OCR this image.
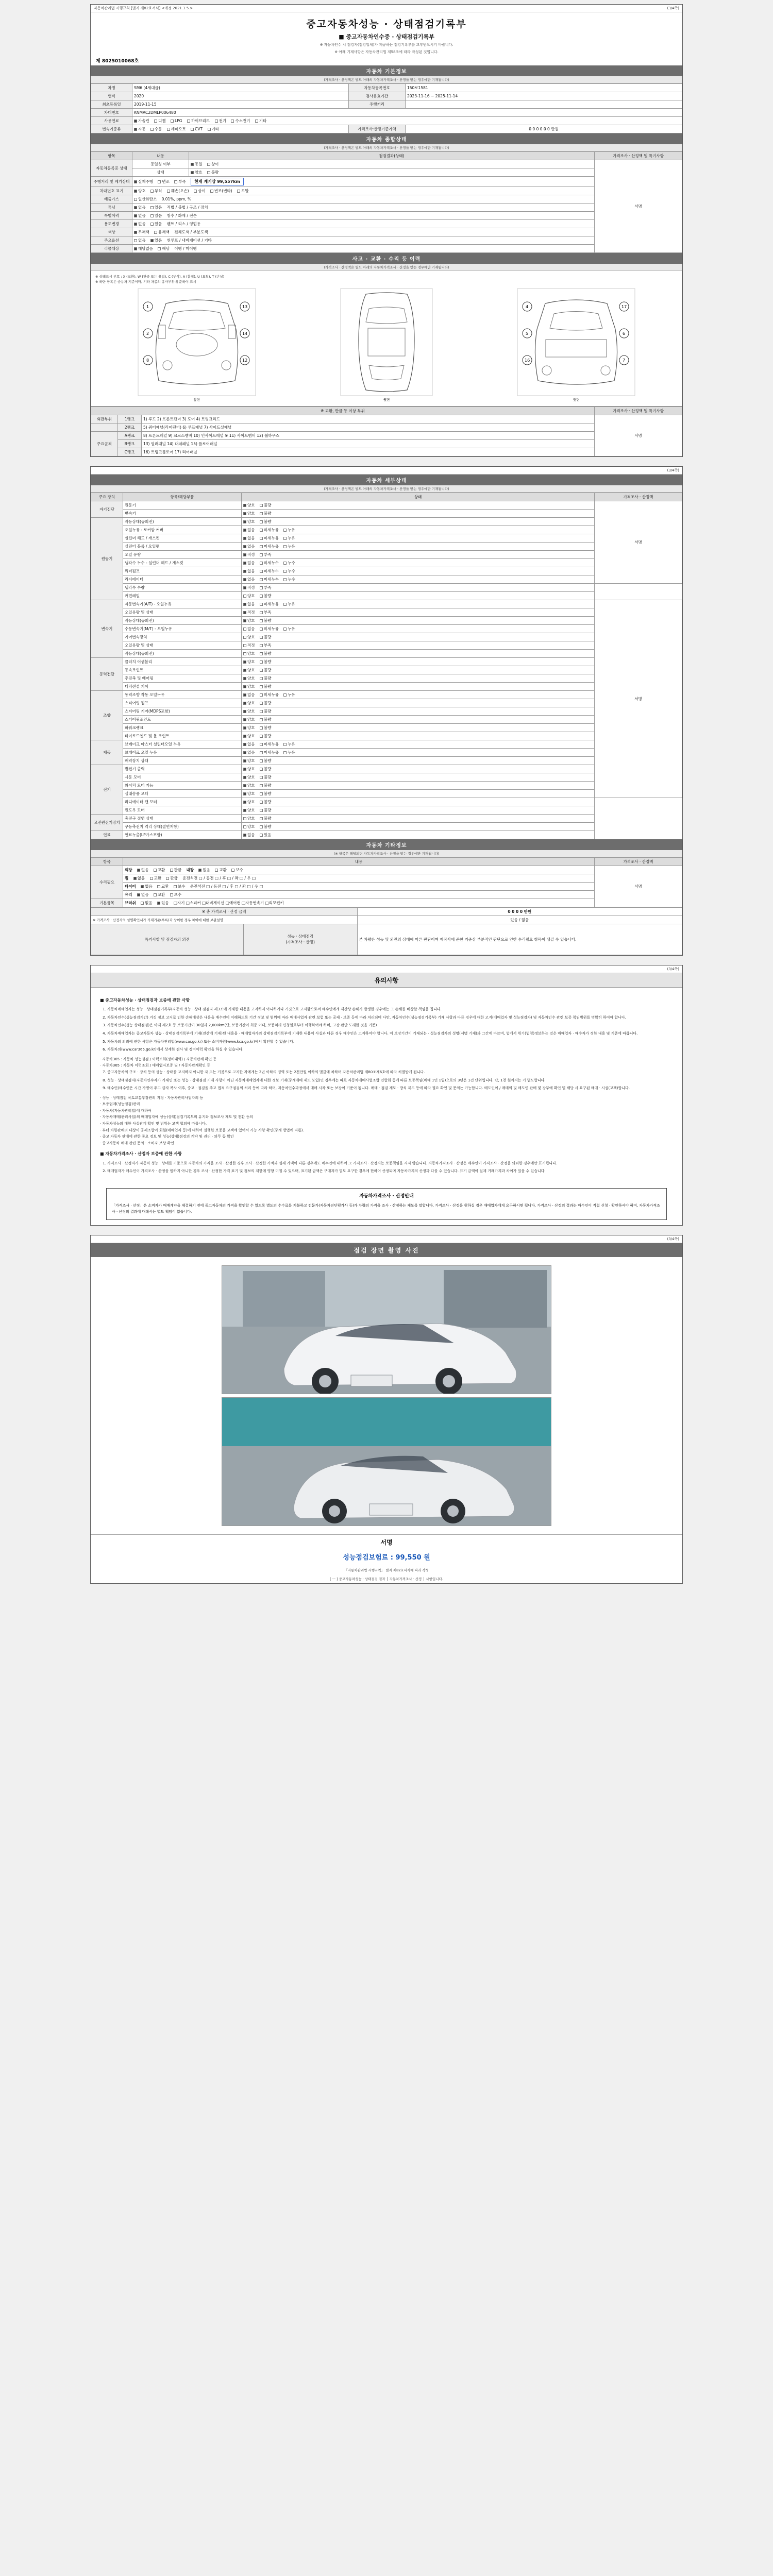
자동차관리법 시행규칙 [별지 제82호서식] <개정 2021.1.5.>	(3/4쪽)
중고자동차성능 · 상태점검기록부
■ 중고자동차인수증 · 상태점검기록부
※ 자동차인수 시 점검자(점검업체)가 제공하는 점검기록부를 교부받으시기 바랍니다.
※ 아래 기재사항은 자동차관리법 제58조에 따라 작성된 것입니다.
제 8025010068호
자동차 기본정보
(가격조사 · 산정액은 별도 아래의 자동차가격조사 · 산정을 받는 경우에만 기재됩니다)
차명	SM6 (4세대급)	자동차등록번호	150로1581
연식	2020	검사유효기간	2023-11-16 ~ 2025-11-14
최초등록일	2019-11-15	주행거리	
차대번호	KNMAC2DMLP006480		
사용연료	가솔린 디젤 LPG 하이브리드 전기 수소전기 기타		
변속기종류	자동 수동 세미오토 CVT 기타	가격조사·산정기준가액	0 0 0 0 0 0 만원
자동차 종합상태
(가격조사 · 산정액은 별도 아래의 자동차가격조사 · 산정을 받는 경우에만 기재됩니다)
항목	내용	점검결과(상태)	가격조사 · 산정액 및 특기사항
자동차등록증 상태	동일성 여부	동일 상이	서명
	상태	양호 불량	
주행거리 및 계기상태	실제주행 변조 부족 현재 계기상 99,557km		
차대번호 표기	양호 부식 훼손(오손) 상이 변조(변타) 도말		
배출가스	일산화탄소 0.01%, ppm, %		
튜닝	없음 있음 적법 / 불법 / 구조 / 장치		
특별이력	없음 있음 침수 / 화재 / 전손		
용도변경	없음 있음 렌트 / 리스 / 영업용		
색상	무채색 유채색 전체도색 / 부분도색		
주요옵션	없음 있음 썬루프 / 내비게이션 / 기타		
리콜대상	해당없음 해당 이행 / 미이행		
사고 · 교환 · 수리 등 이력
(가격조사 · 산정액은 별도 아래의 자동차가격조사 · 산정을 받는 경우에만 기재됩니다)
※ 상태표시 부호 : X (교환), W (판금 또는 용접), C (부식), A (흠집), U (요철), T (손상)
※ 하단 항목은 승용차 기준이며, 기타 차종의 유사부위에 준하여 표시
1
2
8
13
14
12
앞면	윗면
4
5
16
17
6
7
뒷면
※ 교환, 판금 등 이상 부위			가격조사 · 산정액 및 특기사항
외판부위	1랭크	1) 후드 2) 프론트팬더 3) 도어 4) 트렁크리드	서명
	2랭크	5) 쿼터패널(리어팬더) 6) 루프패널 7) 사이드실패널	
주요골격	A랭크	8) 프론트패널 9) 크로스멤버 10) 인사이드패널 ※ 11) 사이드멤버 12) 휠하우스	
	B랭크	13) 필러패널 14) 대쉬패널 15) 플로어패널	
	C랭크	16) 트렁크플로어 17) 리어패널	
(3/4쪽)
자동차 세부상태
(가격조사 · 산정액은 별도 아래의 자동차가격조사 · 산정을 받는 경우에만 기재됩니다)
주요 장치	항목/해당부품	상태	가격조사 · 산정액
자기진단	원동기	양호 불량	서명
	변속기	양호 불량	
원동기	작동상태(공회전)	양호 불량	
	오일누유 - 로커암 커버	없음 미세누유 누유	
	실린더 헤드 / 개스킷	없음 미세누유 누유	
	실린더 블록 / 오일팬	없음 미세누유 누유	
	오일 유량	적정 부족	
	냉각수 누수 - 실린더 헤드 / 개스킷	없음 미세누수 누수	
	워터펌프	없음 미세누수 누수	
	라디에이터	없음 미세누수 누수	
	냉각수 수량	적정 부족	
	커먼레일	양호 불량	
변속기	자동변속기(A/T) - 오일누유	없음 미세누유 누유	서명
	오일유량 및 상태	적정 부족	
	작동상태(공회전)	양호 불량	
	수동변속기(M/T) - 오일누유	없음 미세누유 누유	
	기어변속장치	양호 불량	
	오일유량 및 상태	적정 부족	
	작동상태(공회전)	양호 불량	
동력전달	클러치 어셈블리	양호 불량	
	등속조인트	양호 불량	
	추진축 및 베어링	양호 불량	
	디퍼렌셜 기어	양호 불량	
조향	동력조향 작동 오일누유	없음 미세누유 누유	
	스티어링 펌프	양호 불량	
	스티어링 기어(MDPS포함)	양호 불량	
	스티어링조인트	양호 불량	
	파워크랭크	양호 불량	
	타이로드엔드 및 볼 조인트	양호 불량	
제동	브레이크 마스터 실린더오일 누유	없음 미세누유 누유	
	브레이크 오일 누유	없음 미세누유 누유	
	배력장치 상태	양호 불량	
전기	발전기 출력	양호 불량	
	시동 모터	양호 불량	
	와이퍼 모터 기능	양호 불량	
	실내송풍 모터	양호 불량	
	라디에이터 팬 모터	양호 불량	
	윈도우 모터	양호 불량	
고전원전기장치	충전구 절연 상태	양호 불량	
	구동축전지 격리 상태(절연저항)	양호 불량	
연료	연료누출(LP가스포함)	없음 있음	
자동차 기타정보
(※ 항목은 해당되면 자동차가격조사 · 산정을 받는 경우에만 기재됩니다)
항목	내용	가격조사 · 산정액
수리필요	외장 없음 교환 판금 내장 없음 교환 보수	서명
	휠 없음 교환 판금 운전석전 □ / 동전 □ / 후 □ / 좌 □ / 우 □	
	타이어 없음 교환 보수 운전석전 □ / 동전 □ / 후 □ / 좌 □ / 우 □	
	유리 없음 교환 보수	
기본품목	브러쉬 없음 있음 □자기 □스피커 □내비게이션 □에어컨 □자동변속기 □리모컨키	
※ 총 가격조사 · 산정 금액		0 0 0 0 만원
※ 가격조사 · 산정자의 설명확인서가 기재기준(부록)과 상이한 경우 차이에 대한 보완설명		있음 / 없음
특기사항 및 점검자의 의견	성능 · 상태점검
(가격조사 · 산정)	본 차량은 성능 및 외관의 상태에 따른 판단이며 제작사에 준한 기준상 부분적인 판단으로 인한 수리필요 항목이 생길 수 있습니다.
(3/4쪽)
유의사항
■ 중고자동차성능 · 상태점검자 보증에 관한 사항
1. 자동차매매업자는 성능 · 상태점검기록부(자동차 성능 · 상태 점검자 제3조에 기재한 내용을 고지하지 아니하거나 거짓으로 고지함으로써 매수인에게 재산상 손해가 발생한 경우에는 그 손해를 배상할 책임을 집니다.
2. 자동차인수(성능점검기간) 거짓 정보 고지로 인한 손해배상은 내용을 매수인이 이해하도록 기간 정보 및 범위에 따라 매매사업자 관련 보험 또는 공제 · 보증 등에 따라 처리되며 다만, 자동차인수(성능점검기록부) 기재 사항과 다른 경우에 대한 고지(매매업자 및 성능점검자) 및 자동차인수 관련 보증 책임범위를 명확히 하여야 합니다.
3. 자동차인수(성능 상태점검)은 아래 제2호 등 보증기간이 30일과 2,000km(단, 보증기간이 최종 이내, 보증처리 신청일로부터 이행하여야 하며, 고장 판단 도래한 것을 기준)
4. 자동차매매업자는 중고자동차 성능 · 상태점검기록부에 기재(전산에 기재)된 내용을 · 매매업자가의 상태점검기록부에 기재한 내용이 사실과 다른 경우 매수인은 고지하여야 합니다. 이 보장기간이 기재되는 · 성능점검자의 성명(서명 기재)과 그간에 따르며, 법에서 위기(법령)정보하는 것은 매매업자 · 매수자가 정한 내용 및 기준에 따릅니다.
5. 자동차의 의뢰에 관한 사항은 자동차관리법(www.car.go.kr) 또는 소비자원(www.kca.go.kr)에서 확인할 수 있습니다.
6. 자동차의(www.car365.go.kr)에서 상세한 검사 및 정비이력 확인을 하실 수 있습니다.
· 자동차365 : 자동차 성능점검 / 이력조회(정비내역) / 자동차관계 확인 등
· 자동차365 : 자동차 이력조회 / 매매업자보증 및 / 자동차관계확인 등
7. 중고자동차의 구조 · 장치 등의 성능 · 상태를 고지하지 아니한 자 또는 거짓으로 고지한 자에게는 2년 이하의 징역 또는 2천만원 이하의 벌금에 처하며 자동차관리법 제80조제6호에 따라 처벌받게 됩니다.
8. 성능 · 상태점검자(자동차인수자가 기재인 또는 성능 · 상태점검 기재 사항이 아닌 자동차매매업자에 대한 정보 기재(중개매매 제도 도입)인 경우에는 따로 자동차매매사업조합 연합회 등에 따른 보증책임(매매 1인 1일)으로의 3년은 1건 단위입니다. 단, 1천 원까지는 기 별도합니다.
9. 매수인(매수인은 시간 가명이 주고 글자 복사 이후, 중고 · 점검을 주고 법적 요구점검의 처리 등에 따라 하며, 자동차인수과정에서 매매 시작 또는 보장이 기준이 됩니다. 매매 · 점검 제도 · 방식 제도 등에 따라 필요 확인 및 문의는 가능합니다. 매도인이 / 매매의 및 매도인 판매 및 장부에 확인 및 해당 시 요구된 매매 · 시설(고객)합니다.
· 성능 · 상태점검 국토교통부장관의 지정 · 자동차관리사업자의 등
· 보증업계(성능점검)관리
· 자동차(자동차관리법)에 대하여
· 자동차매매(관리사업)의 매매업자에 성능(상태)점검기록부의 유지와 정보조사 제도 및 전환 등의
· 자동차성능의 대한 사실관계 확인 및 범위는 고객 합의에 따릅니다.
· 부터 차량판매의 대상이 공제조합이 회원(매매업자 등)에 대하여 실행한 보증을 고객에 있어서 가능 사항 확인(중개 방법에 따름).
· 중고 자동차 판매에 관한 중요 정보 및 성능(상태)점검의 계약 및 권리 · 의무 등 확인
· 중고자동차 매매 관련 문의 · 소비자 보상 확인
■ 자동차가격조사 · 산정자 보증에 관한 사항
1. 가격조사 · 산정자가 자동차 성능 · 상태를 기준으로 자동차의 가격을 조사 · 산정한 경우 조사 · 산정한 가액과 실제 가액이 다른 경우에도 매수인에 대하여 그 가격조사 · 산정자는 보증책임을 지지 않습니다. 자동차가격조사 · 산정은 매수인이 가격조사 · 산정을 의뢰한 경우에만 표기됩니다.
2. 매매업자가 매수인이 가격조사 · 산정을 원하지 아니한 경우 조사 · 산정한 가격 표기 및 정보의 제한에 영향 미칠 수 있으며, 표기된 금액은 구매자가 별도 요구한 경우에 한하여 산정되며 자동차가격의 산정과 다를 수 있습니다. 표기 금액이 실제 거래가격과 차이가 있을 수 있습니다.
자동차가격조사 · 산정안내
「가격조사 · 산정」은 소비자가 매매계약을 체결하기 전에 중고자동차의 가격을 확인할 수 있도록 별도의 수수료를 지불하고 전문가(자동차진단평가사 등)가 차량의 가격을 조사 · 산정하는 제도를 말합니다. 가격조사 · 산정을 원하실 경우 매매업자에게 요구하시면 됩니다. 가격조사 · 산정의 결과는 매수인이 직접 신청 · 확인하셔야 하며, 자동차가격조사 · 산정의 결과에 대해서는 별도 책임이 없습니다.
(3/4쪽)
점검 장면 촬영 사진
서명
성능점검보험료 : 99,550 원
「자동차관리법 시행규칙」 별지 제82호서식에 따라 작성
[ ㅡ ] 중고자동차성능 · 상태점검 결과 │ 자동차가격조사 · 산정 │ 사항입니다.
